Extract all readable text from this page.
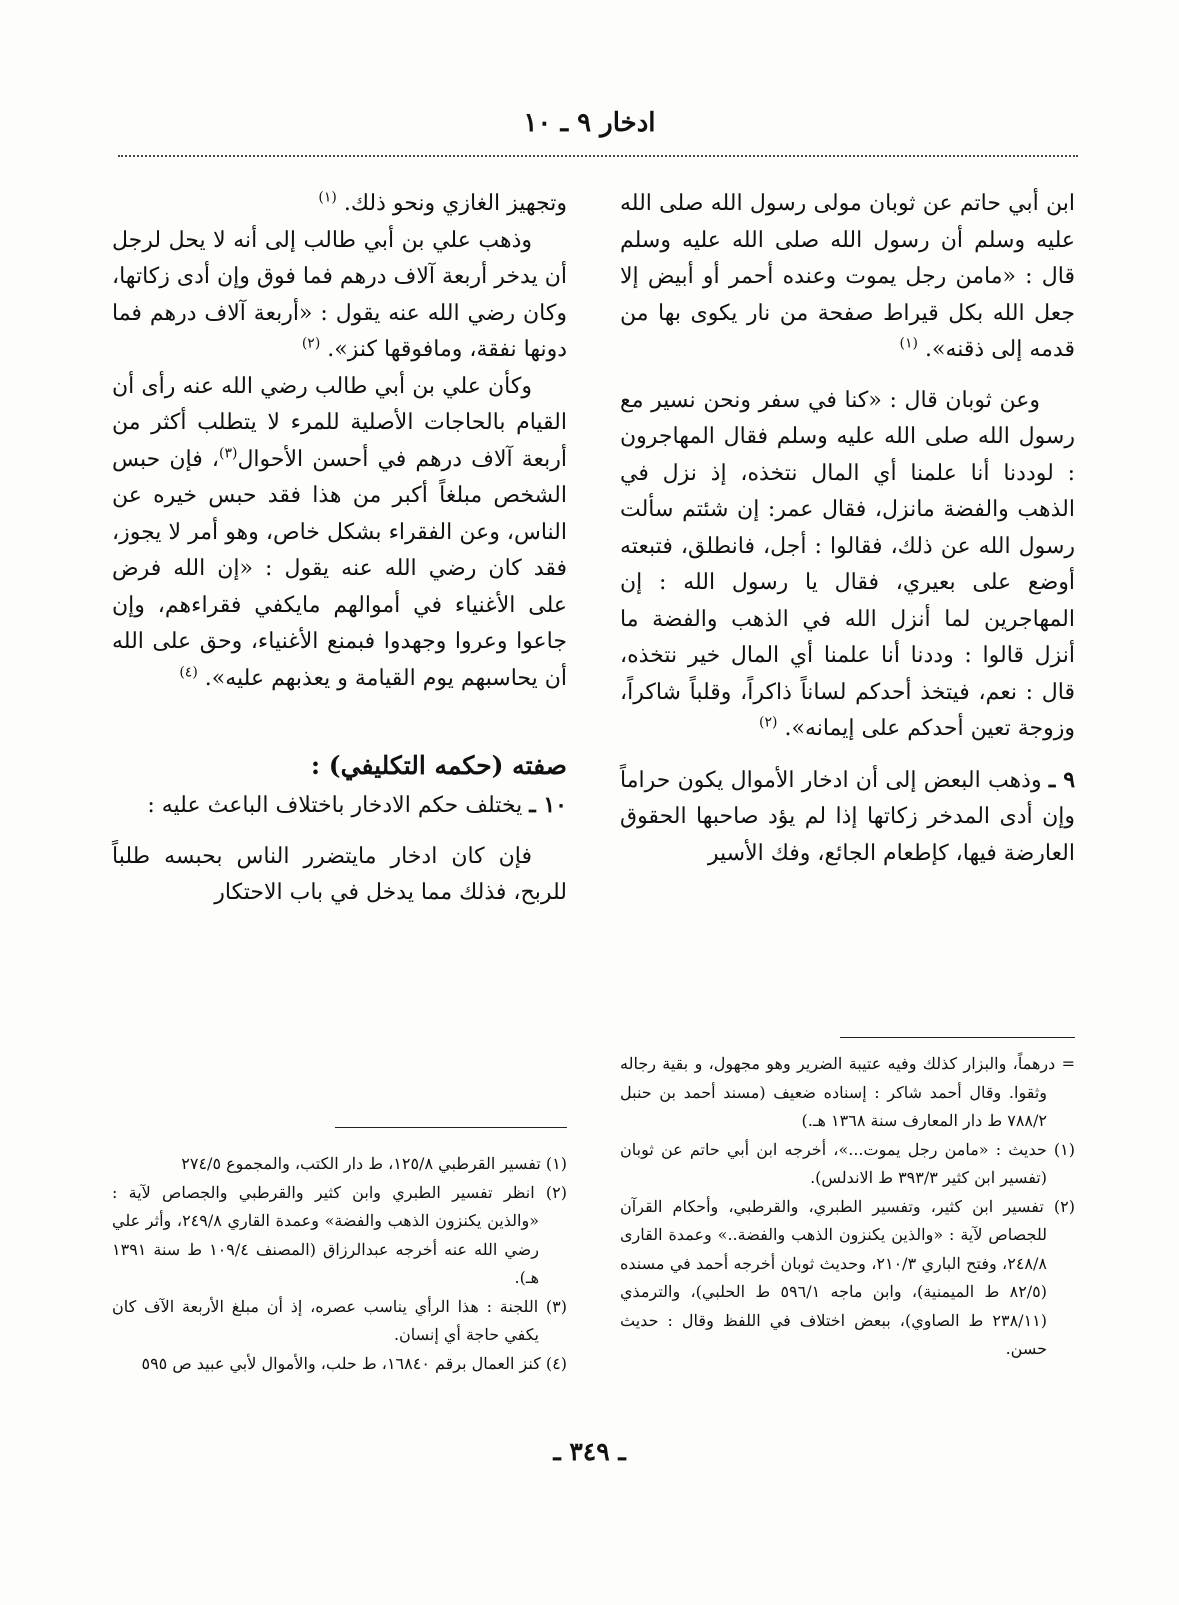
ادخار ٩ ـ ١٠

ابن أبي حاتم عن ثوبان مولى رسول الله صلى الله عليه وسلم أن رسول الله صلى الله عليه وسلم قال : «مامن رجل يموت وعنده أحمر أو أبيض إلا جعل الله بكل قيراط صفحة من نار يكوى بها من قدمه إلى ذقنه». $^{(١)}$

وعن ثوبان قال : «كنا في سفر ونحن نسير مع رسول الله صلى الله عليه وسلم فقال المهاجرون : لوددنا أنا علمنا أي المال نتخذه، إذ نزل في الذهب والفضة مانزل، فقال عمر: إن شئتم سألت رسول الله عن ذلك، فقالوا : أجل، فانطلق، فتبعته أوضع على بعيري، فقال يا رسول الله : إن المهاجرين لما أنزل الله في الذهب والفضة ما أنزل قالوا : وددنا أنا علمنا أي المال خير نتخذه، قال : نعم، فيتخذ أحدكم لساناً ذاكراً، وقلباً شاكراً، وزوجة تعين أحدكم على إيمانه». $^{(٢)}$

٩ ـ وذهب البعض إلى أن ادخار الأموال يكون حراماً وإن أدى المدخر زكاتها إذا لم يؤد صاحبها الحقوق العارضة فيها، كإطعام الجائع، وفك الأسير

وتجهيز الغازي ونحو ذلك. $^{(١)}$

وذهب علي بن أبي طالب إلى أنه لا يحل لرجل أن يدخر أربعة آلاف درهم فما فوق وإن أدى زكاتها، وكان رضي الله عنه يقول : «أربعة آلاف درهم فما دونها نفقة، ومافوقها كنز». $^{(٢)}$

وكأن علي بن أبي طالب رضي الله عنه رأى أن القيام بالحاجات الأصلية للمرء لا يتطلب أكثر من أربعة آلاف درهم في أحسن الأحوال$^{(٣)}$، فإن حبس الشخص مبلغاً أكبر من هذا فقد حبس خيره عن الناس، وعن الفقراء بشكل خاص، وهو أمر لا يجوز، فقد كان رضي الله عنه يقول : «إن الله فرض على الأغنياء في أموالهم مايكفي فقراءهم، وإن جاعوا وعروا وجهدوا فبمنع الأغنياء، وحق على الله أن يحاسبهم يوم القيامة و يعذبهم عليه». $^{(٤)}$

صفته (حكمه التكليفي) :

١٠ ـ يختلف حكم الادخار باختلاف الباعث عليه :

فإن كان ادخار مايتضرر الناس بحبسه طلباً للربح، فذلك مما يدخل في باب الاحتكار

= درهماً، والبزار كذلك وفيه عتيبة الضرير وهو مجهول، و بقية رجاله وثقوا. وقال أحمد شاكر : إسناده ضعيف (مسند أحمد بن حنبل ٧٨٨/٢ ط دار المعارف سنة ١٣٦٨ هـ.)

(١) حديث : «مامن رجل يموت...»، أخرجه ابن أبي حاتم عن ثوبان (تفسير ابن كثير ٣٩٣/٣ ط الاندلس).

(٢) تفسير ابن كثير، وتفسير الطبري، والقرطبي، وأحكام القرآن للجصاص لآية : «والذين يكنزون الذهب والفضة..» وعمدة القارى ٢٤٨/٨، وفتح الباري ٢١٠/٣، وحديث ثوبان أخرجه أحمد في مسنده (٨٢/٥ ط الميمنية)، وابن ماجه ٥٩٦/١ ط الحلبي)، والترمذي (٢٣٨/١١ ط الصاوي)، ببعض اختلاف في اللفظ وقال : حديث حسن.

(١) تفسير القرطبي ١٢٥/٨، ط دار الكتب، والمجموع ٢٧٤/٥

(٢) انظر تفسير الطبري وابن كثير والقرطبي والجصاص لآية : «والذين يكنزون الذهب والفضة» وعمدة القاري ٢٤٩/٨، وأثر علي رضي الله عنه أخرجه عبدالرزاق (المصنف ١٠٩/٤ ط سنة ١٣٩١ هـ).

(٣) اللجنة : هذا الرأي يناسب عصره، إذ أن مبلغ الأربعة الآف كان يكفي حاجة أي إنسان.

(٤) كنز العمال برقم ١٦٨٤٠، ط حلب، والأموال لأبي عبيد ص ٥٩٥

ـ ٣٤٩ ـ
